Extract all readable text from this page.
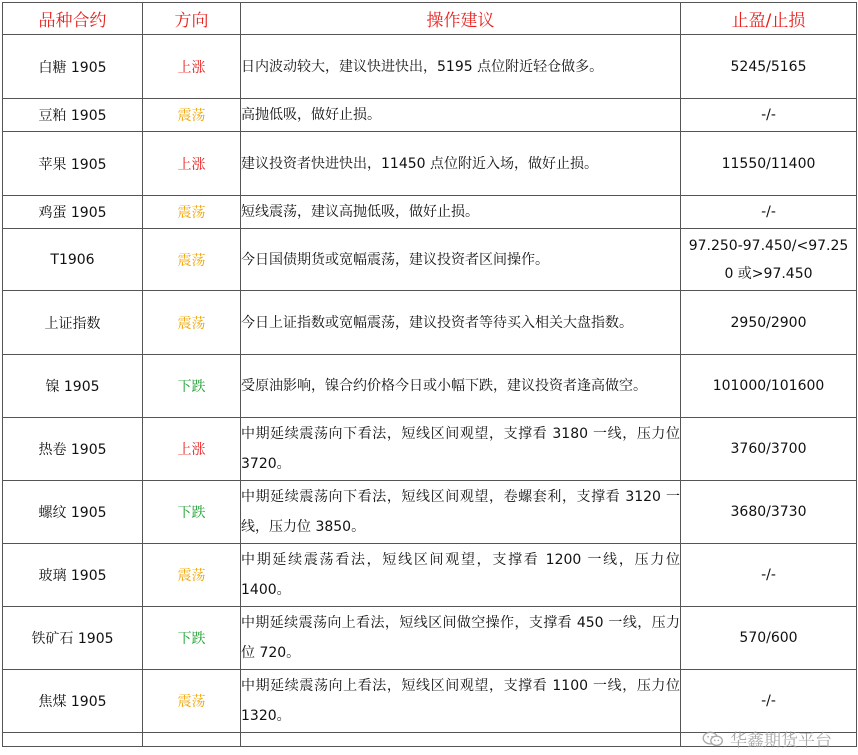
品种合约	方向	操作建议	止盈/止损
白糖 1905	上涨	日内波动较大，建议快进快出，5195 点位附近轻仓做多。	5245/5165
豆粕 1905	震荡	高抛低吸，做好止损。	-/-
苹果 1905	上涨	建议投资者快进快出，11450 点位附近入场，做好止损。	11550/11400
鸡蛋 1905	震荡	短线震荡，建议高抛低吸，做好止损。	-/-
T1906	震荡	今日国债期货或宽幅震荡，建议投资者区间操作。	97.250-97.450/<97.250 或>97.450
上证指数	震荡	今日上证指数或宽幅震荡，建议投资者等待买入相关大盘指数。	2950/2900
镍 1905	下跌	受原油影响，镍合约价格今日或小幅下跌，建议投资者逢高做空。	101000/101600
热卷 1905	上涨	中期延续震荡向下看法，短线区间观望，支撑看 3180 一线，压力位 3720。	3760/3700
螺纹 1905	下跌	中期延续震荡向下看法，短线区间观望，卷螺套利，支撑看 3120 一线，压力位 3850。	3680/3730
玻璃 1905	震荡	中期延续震荡看法，短线区间观望，支撑看 1200 一线，压力位 1400。	-/-
铁矿石 1905	下跌	中期延续震荡向上看法，短线区间做空操作，支撑看 450 一线，压力位 720。	570/600
焦煤 1905	震荡	中期延续震荡向上看法，短线区间观望，支撑看 1100 一线，压力位 1320。	-/-

华鑫期货平台
